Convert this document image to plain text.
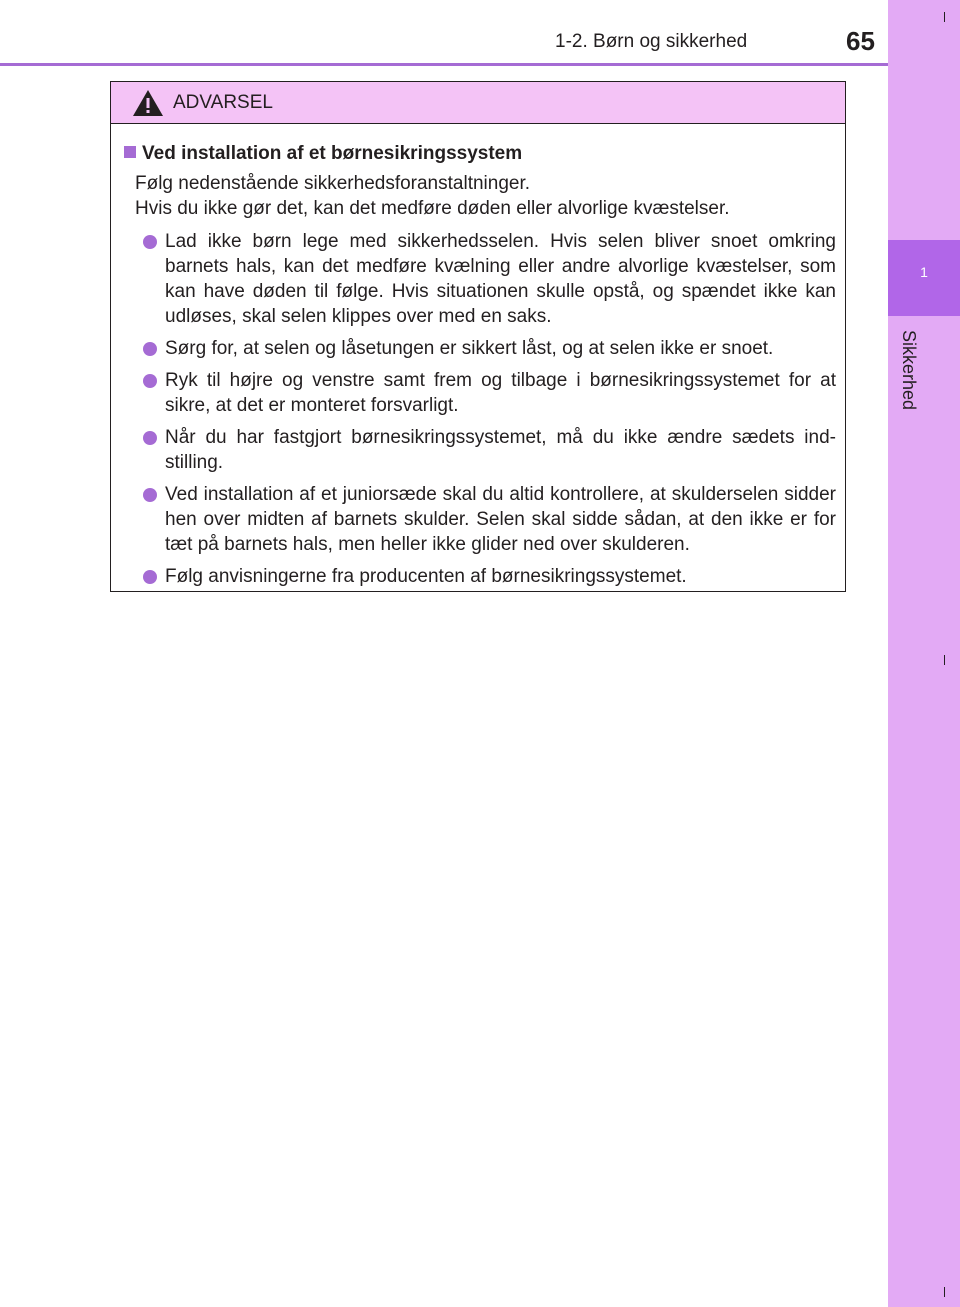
1
Sikkerhed
1-2. Børn og sikkerhed	65
ADVARSEL
Ved installation af et børnesikringssystem
Følg nedenstående sikkerhedsforanstaltninger.
Hvis du ikke gør det, kan det medføre døden eller alvorlige kvæstelser.
Lad ikke børn lege med sikkerhedsselen. Hvis selen bliver snoet omkring barnets hals, kan det medføre kvælning eller andre alvorlige kvæstelser, som kan have døden til følge. Hvis situationen skulle opstå, og spændet ikke kan udløses, skal selen klippes over med en saks.
Sørg for, at selen og låsetungen er sikkert låst, og at selen ikke er snoet.
Ryk til højre og venstre samt frem og tilbage i børnesikringssystemet for at sikre, at det er monteret forsvarligt.
Når du har fastgjort børnesikringssystemet, må du ikke ændre sædets ind-stilling.
Ved installation af et juniorsæde skal du altid kontrollere, at skulderselen sidder hen over midten af barnets skulder. Selen skal sidde sådan, at den ikke er for tæt på barnets hals, men heller ikke glider ned over skulderen.
Følg anvisningerne fra producenten af børnesikringssystemet.
